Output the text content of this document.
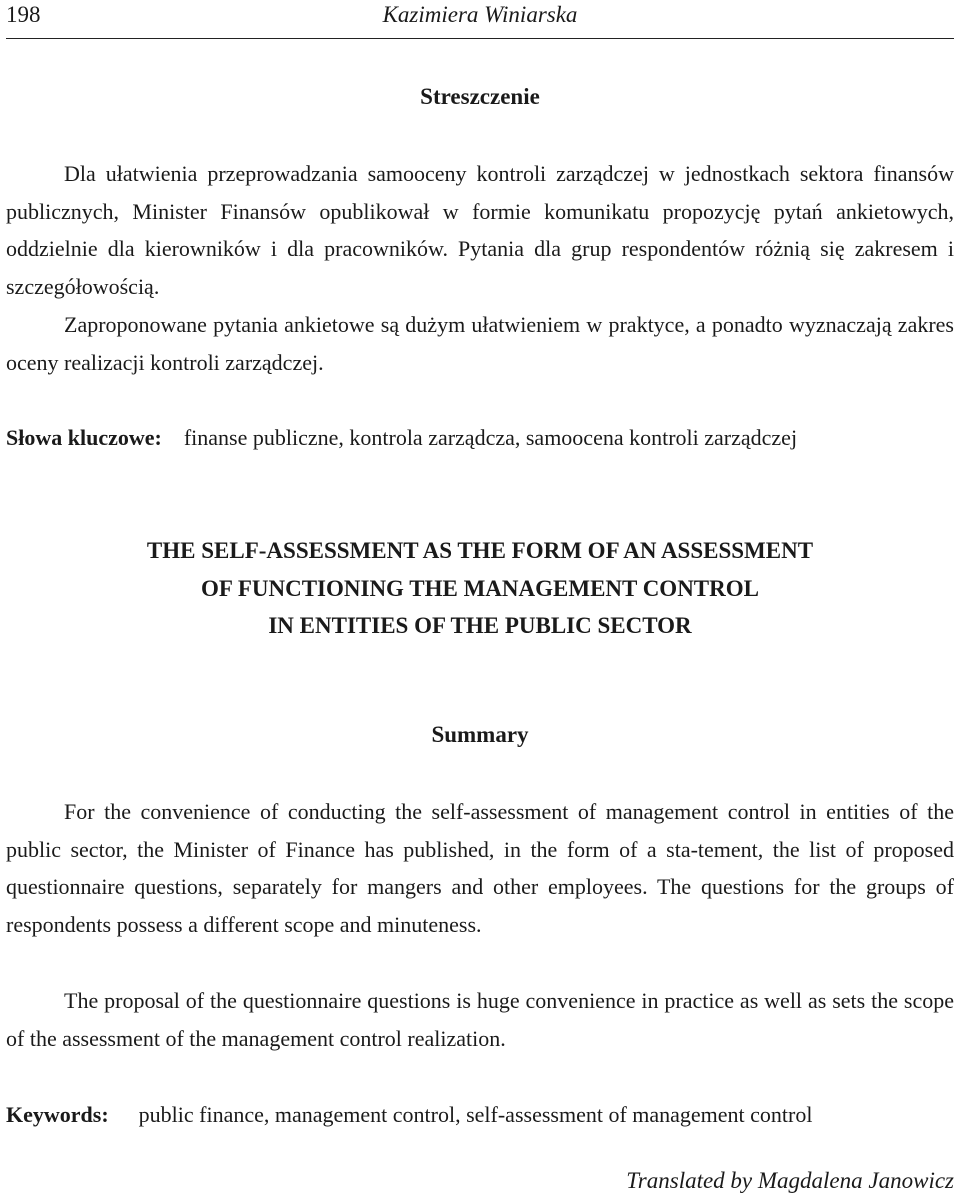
198	Kazimiera Winiarska
Streszczenie

Dla ułatwienia przeprowadzania samooceny kontroli zarządczej w jednostkach sektora finansów publicznych, Minister Finansów opublikował w formie komunikatu propozycję pytań ankietowych, oddzielnie dla kierowników i dla pracowników. Pytania dla grup respondentów różnią się zakresem i szczegółowością.

Zaproponowane pytania ankietowe są dużym ułatwieniem w praktyce, a ponadto wyznaczają zakres oceny realizacji kontroli zarządczej.

Słowa kluczowe: finanse publiczne, kontrola zarządcza, samoocena kontroli zarządczej
THE SELF-ASSESSMENT AS THE FORM OF AN ASSESSMENT
OF FUNCTIONING THE MANAGEMENT CONTROL
IN ENTITIES OF THE PUBLIC SECTOR
Summary

For the convenience of conducting the self-assessment of management control in entities of the public sector, the Minister of Finance has published, in the form of a sta-tement, the list of proposed questionnaire questions, separately for mangers and other employees. The questions for the groups of respondents possess a different scope and minuteness.

The proposal of the questionnaire questions is huge convenience in practice as well as sets the scope of the assessment of the management control realization.

Keywords: public finance, management control, self-assessment of management control
Translated by Magdalena Janowicz
